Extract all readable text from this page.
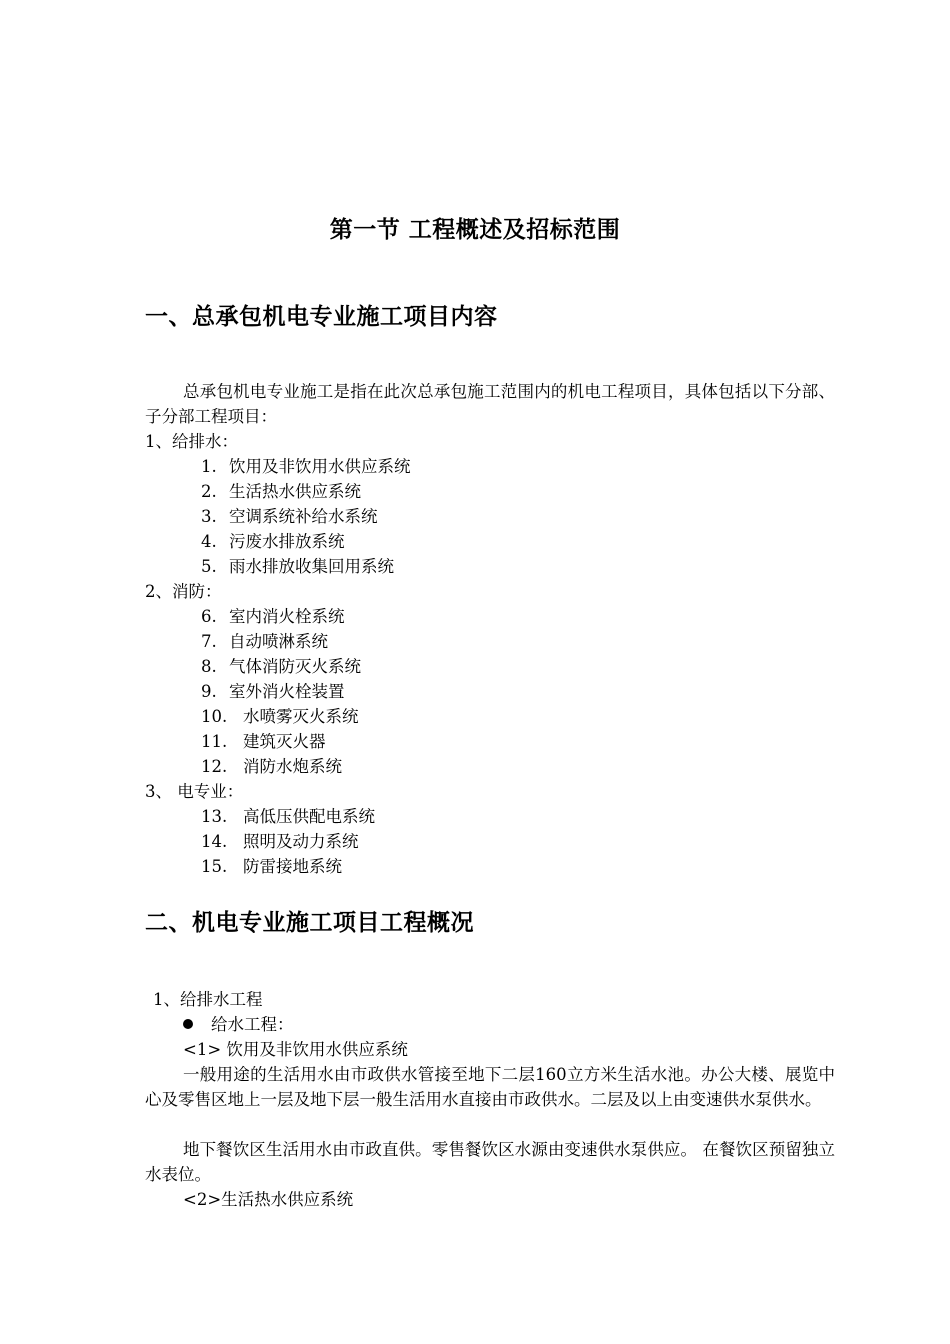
第一节 工程概述及招标范围
一、总承包机电专业施工项目内容
总承包机电专业施工是指在此次总承包施工范围内的机电工程项目，具体包括以下分部、子分部工程项目：
1、给排水：
1. 饮用及非饮用水供应系统
2. 生活热水供应系统
3. 空调系统补给水系统
4. 污废水排放系统
5. 雨水排放收集回用系统
2、消防：
6. 室内消火栓系统
7. 自动喷淋系统
8. 气体消防灭火系统
9. 室外消火栓装置
10. 水喷雾灭火系统
11. 建筑灭火器
12. 消防水炮系统
3、 电专业：
13. 高低压供配电系统
14. 照明及动力系统
15. 防雷接地系统
二、机电专业施工项目工程概况
1、给排水工程
给水工程：
<1> 饮用及非饮用水供应系统
一般用途的生活用水由市政供水管接至地下二层160立方米生活水池。办公大楼、展览中心及零售区地上一层及地下层一般生活用水直接由市政供水。二层及以上由变速供水泵供水。
地下餐饮区生活用水由市政直供。零售餐饮区水源由变速供水泵供应。 在餐饮区预留独立水表位。
<2>生活热水供应系统
